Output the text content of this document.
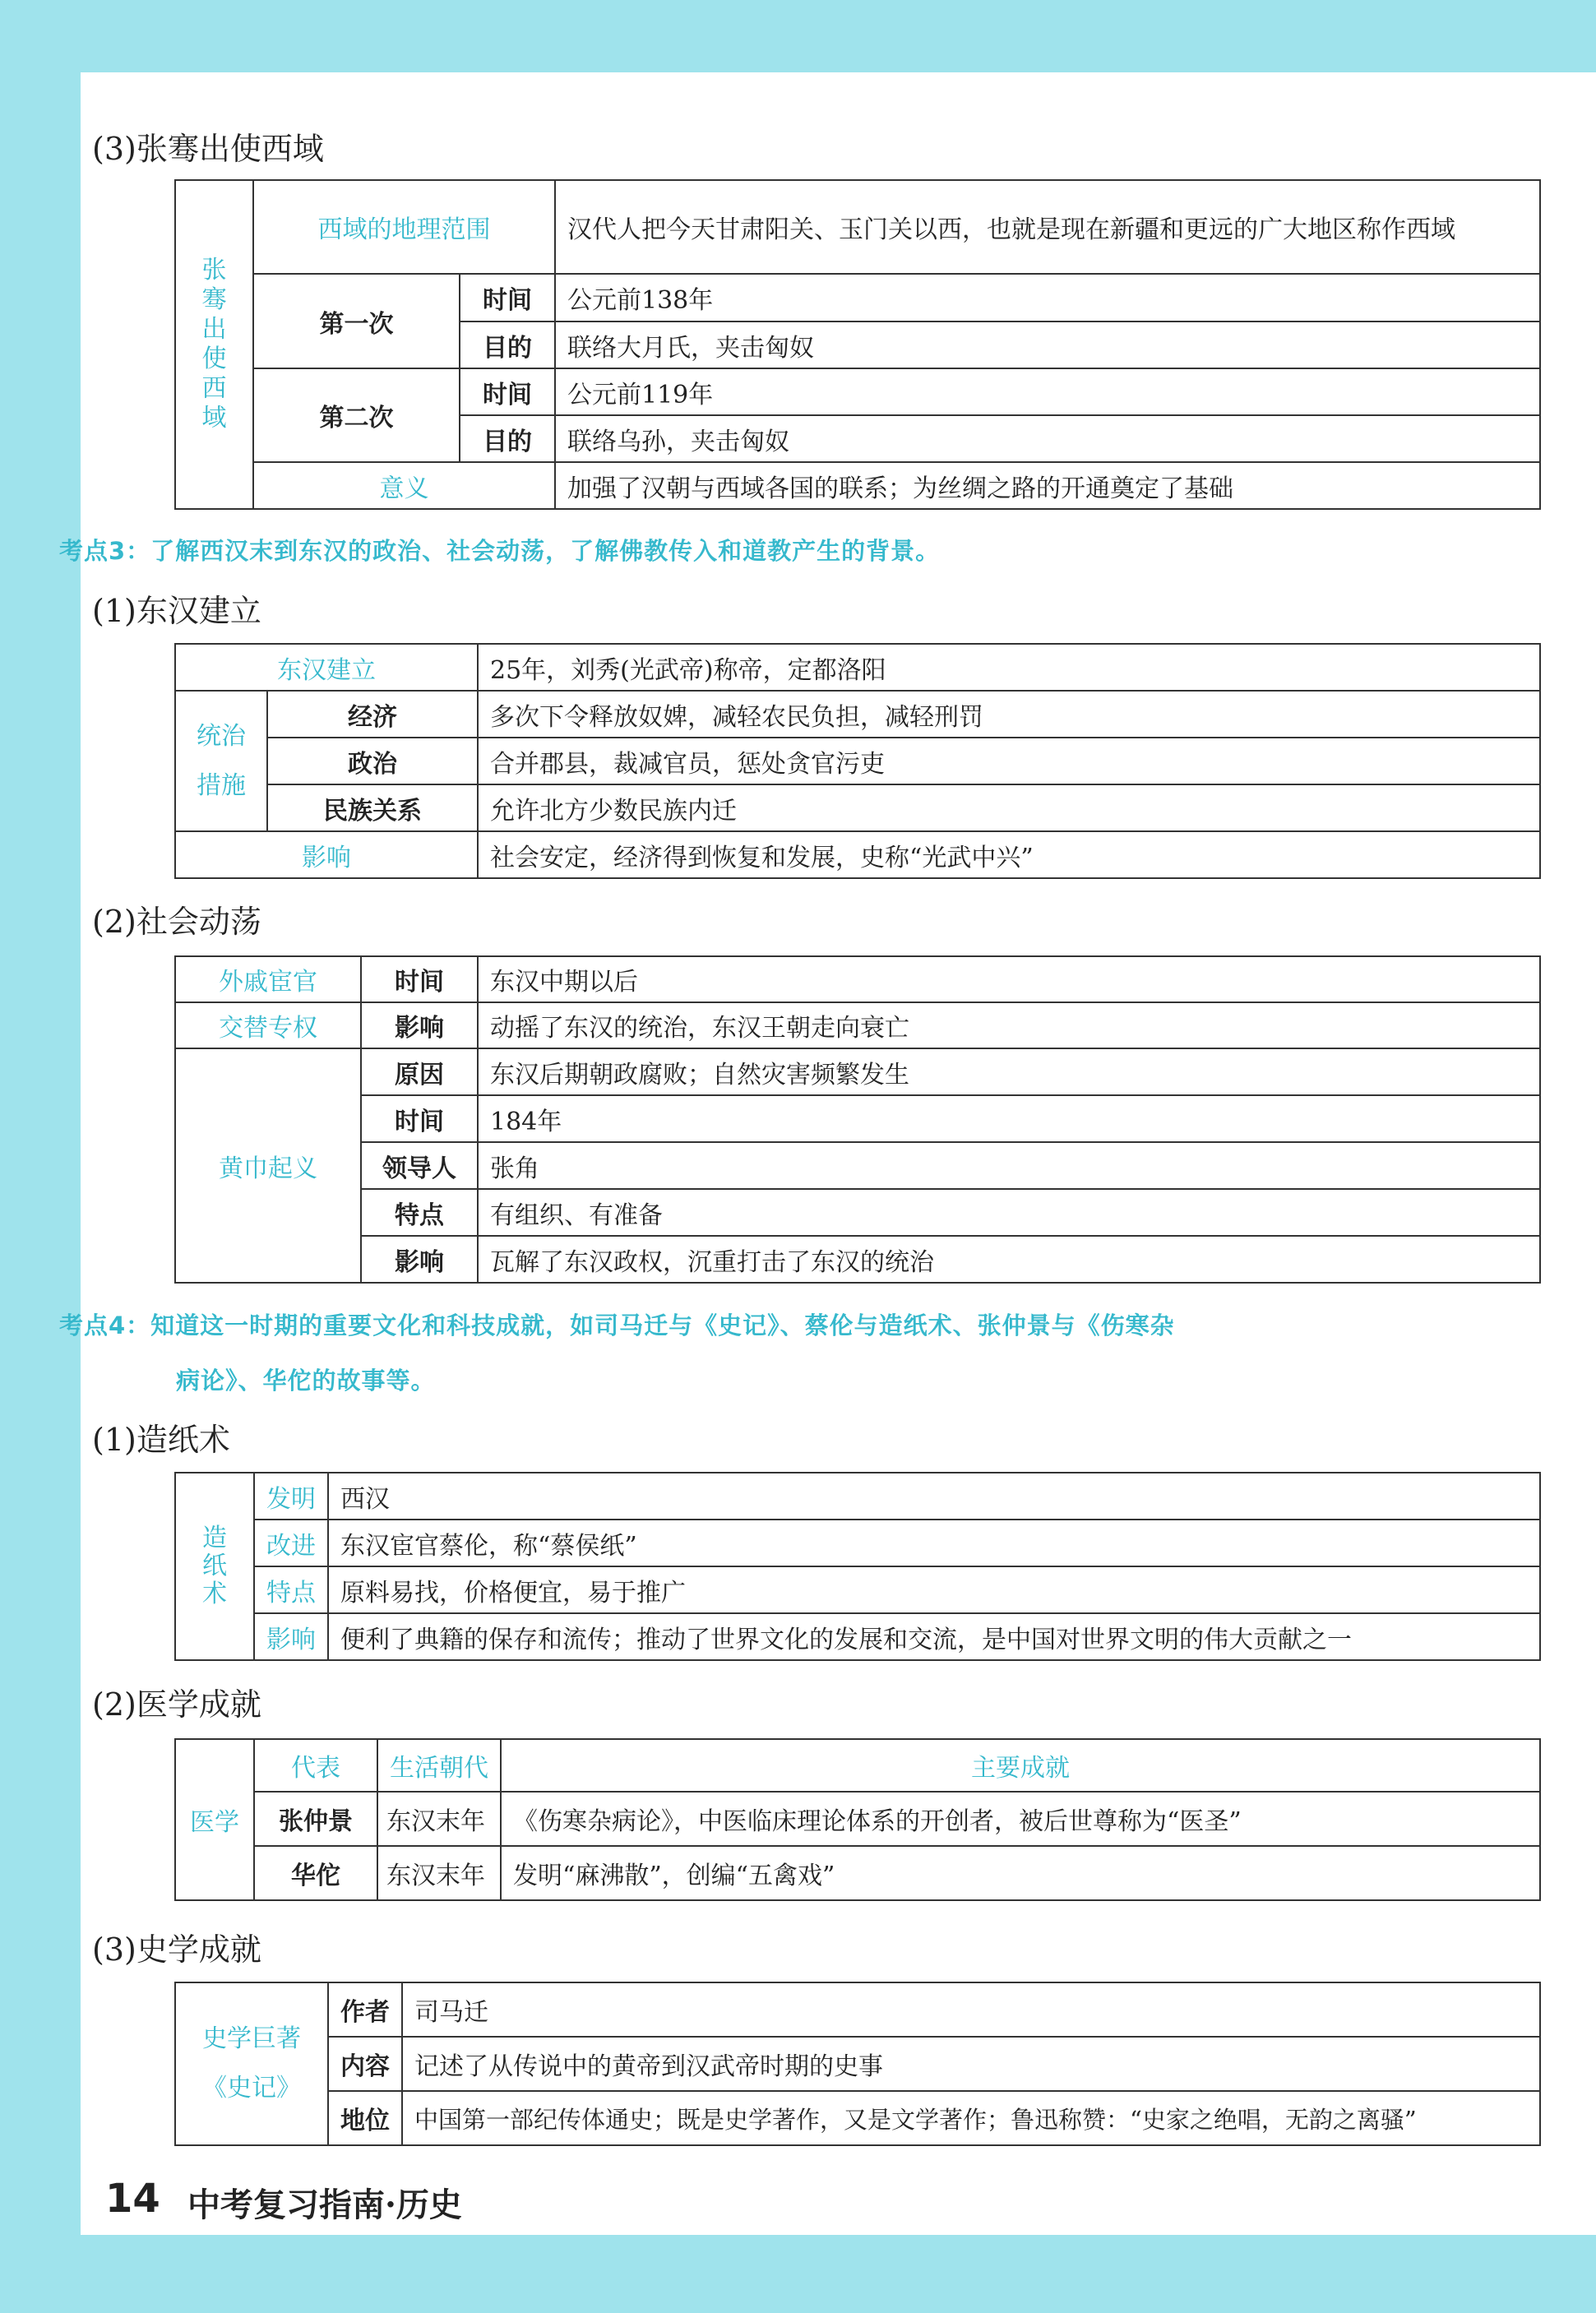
(3)张骞出使西域
张骞出使西域	西域的地理范围		汉代人把今天甘肃阳关、玉门关以西，也就是现在新疆和更远的广大地区称作西域
	第一次	时间	公元前138年
		目的	联络大月氏，夹击匈奴
	第二次	时间	公元前119年
		目的	联络乌孙，夹击匈奴
	意义		加强了汉朝与西域各国的联系；为丝绸之路的开通奠定了基础
考点3：了解西汉末到东汉的政治、社会动荡，了解佛教传入和道教产生的背景。
(1)东汉建立
东汉建立		25年，刘秀(光武帝)称帝，定都洛阳
统治措施	经济	多次下令释放奴婢，减轻农民负担，减轻刑罚
	政治	合并郡县，裁减官员，惩处贪官污吏
	民族关系	允许北方少数民族内迁
影响		社会安定，经济得到恢复和发展，史称“光武中兴”
(2)社会动荡
外戚宦官	时间	东汉中期以后
交替专权	影响	动摇了东汉的统治，东汉王朝走向衰亡
黄巾起义	原因	东汉后期朝政腐败；自然灾害频繁发生
	时间	184年
	领导人	张角
	特点	有组织、有准备
	影响	瓦解了东汉政权，沉重打击了东汉的统治
考点4：知道这一时期的重要文化和科技成就，如司马迁与《史记》、蔡伦与造纸术、张仲景与《伤寒杂
病论》、华佗的故事等。
(1)造纸术
造纸术	发明	西汉
	改进	东汉宦官蔡伦，称“蔡侯纸”
	特点	原料易找，价格便宜，易于推广
	影响	便利了典籍的保存和流传；推动了世界文化的发展和交流，是中国对世界文明的伟大贡献之一
(2)医学成就
医学	代表	生活朝代	主要成就
	张仲景	东汉末年	《伤寒杂病论》，中医临床理论体系的开创者，被后世尊称为“医圣”
	华佗	东汉末年	发明“麻沸散”，创编“五禽戏”
(3)史学成就
史学巨著
《史记》	作者	司马迁
	内容	记述了从传说中的黄帝到汉武帝时期的史事
	地位	中国第一部纪传体通史；既是史学著作，又是文学著作；鲁迅称赞：“史家之绝唱，无韵之离骚”
14 中考复习指南·历史
